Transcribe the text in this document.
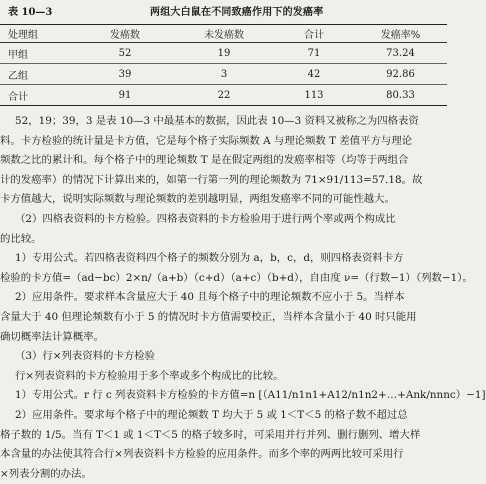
表 10—3	两组大白鼠在不同致癌作用下的发癌率
处理组	发癌数	未发癌数	合计	发癌率%
甲组	52	19	71	73.24
乙组	39	3	42	92.86
合计	91	22	113	80.33

52，19；39，3 是表 10—3 中最基本的数据，因此表 10—3 资料又被称之为四格表资

料。卡方检验的统计量是卡方值，它是每个格子实际频数 A 与理论频数 T 差值平方与理论

频数之比的累计和。每个格子中的理论频数 T 是在假定两组的发癌率相等（均等于两组合

计的发癌率）的情况下计算出来的，如第一行第一列的理论频数为 71×91/113=57.18。故

卡方值越大，说明实际频数与理论频数的差别越明显，两组发癌率不同的可能性越大。

（2）四格表资料的卡方检验。四格表资料的卡方检验用于进行两个率或两个构成比

的比较。

1）专用公式。若四格表资料四个格子的频数分别为 a，b，c，d，则四格表资料卡方

检验的卡方值=（ad−bc）2×n/（a+b）（c+d）（a+c）（b+d），自由度 ν=（行数−1）（列数−1）。

2）应用条件。要求样本含量应大于 40 且每个格子中的理论频数不应小于 5。当样本

含量大于 40 但理论频数有小于 5 的情况时卡方值需要校正，当样本含量小于 40 时只能用

确切概率法计算概率。

（3）行×列表资料的卡方检验

行×列表资料的卡方检验用于多个率或多个构成比的比较。

1）专用公式。r 行 c 列表资料卡方检验的卡方值=n [（A11/n1n1+A12/n1n2+…+Ank/nnnc）−1]

2）应用条件。要求每个格子中的理论频数 T 均大于 5 或 1＜T＜5 的格子数不超过总

格子数的 1/5。当有 T＜1 或 1＜T＜5 的格子较多时，可采用并行并列、删行删列、增大样

本含量的办法使其符合行×列表资料卡方检验的应用条件。而多个率的两两比较可采用行

×列表分割的办法。
